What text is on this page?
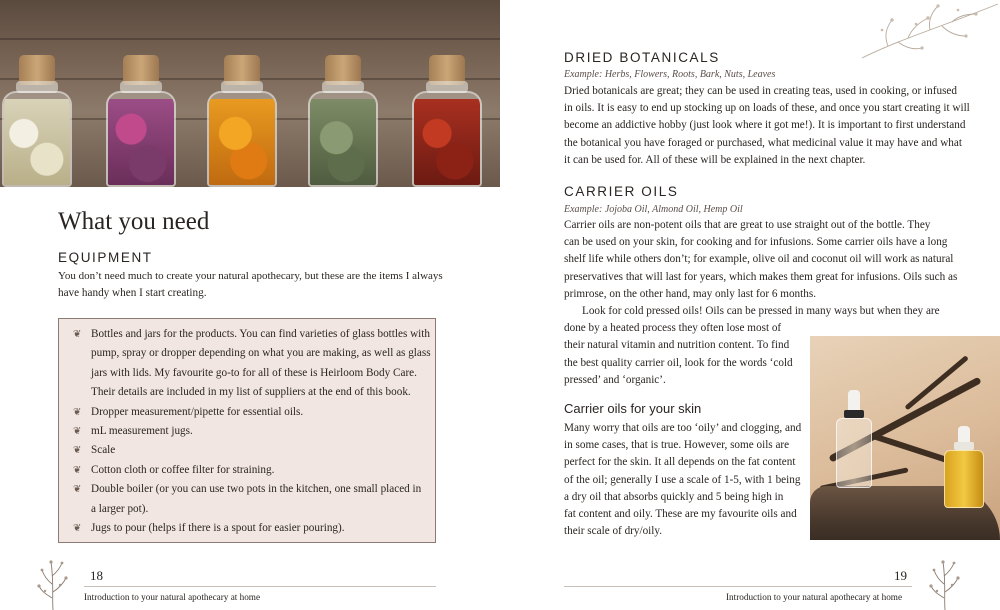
What you need
EQUIPMENT
You don’t need much to create your natural apothecary, but these are the items I always
have handy when I start creating.
❦ Bottles and jars for the products. You can find varieties of glass bottles with
pump, spray or dropper depending on what you are making, as well as glass
jars with lids. My favourite go-to for all of these is Heirloom Body Care.
Their details are included in my list of suppliers at the end of this book.
❦ Dropper measurement/pipette for essential oils.
❦ mL measurement jugs.
❦ Scale
❦ Cotton cloth or coffee filter for straining.
❦ Double boiler (or you can use two pots in the kitchen, one small placed in
a larger pot).
❦ Jugs to pour (helps if there is a spout for easier pouring).
18
Introduction to your natural apothecary at home
DRIED BOTANICALS
Example: Herbs, Flowers, Roots, Bark, Nuts, Leaves
Dried botanicals are great; they can be used in creating teas, used in cooking, or infused
in oils. It is easy to end up stocking up on loads of these, and once you start creating it will
become an addictive hobby (just look where it got me!). It is important to first understand
the botanical you have foraged or purchased, what medicinal value it may have and what
it can be used for. All of these will be explained in the next chapter.
CARRIER OILS
Example: Jojoba Oil, Almond Oil, Hemp Oil
Carrier oils are non-potent oils that are great to use straight out of the bottle. They
can be used on your skin, for cooking and for infusions. Some carrier oils have a long
shelf life while others don’t; for example, olive oil and coconut oil will work as natural
preservatives that will last for years, which makes them great for infusions. Oils such as
primrose, on the other hand, may only last for 6 months.
Look for cold pressed oils! Oils can be pressed in many ways but when they are
done by a heated process they often lose most of
their natural vitamin and nutrition content. To find
the best quality carrier oil, look for the words ‘cold
pressed’ and ‘organic’.
Carrier oils for your skin
Many worry that oils are too ‘oily’ and clogging, and
in some cases, that is true. However, some oils are
perfect for the skin. It all depends on the fat content
of the oil; generally I use a scale of 1-5, with 1 being
a dry oil that absorbs quickly and 5 being high in
fat content and oily. These are my favourite oils and
their scale of dry/oily.
19
Introduction to your natural apothecary at home
